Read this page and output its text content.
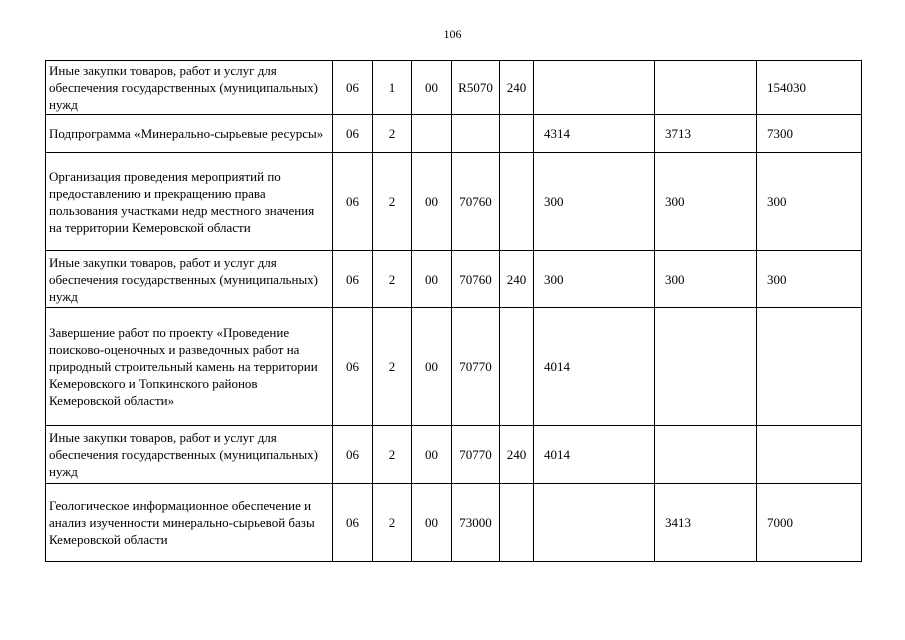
106
Иные закупки товаров, работ и услуг для обеспечения государственных (муниципальных) нужд	06	1	00	R5070	240			154030
Подпрограмма «Минерально-сырьевые ресурсы»	06	2				4314	3713	7300
Организация проведения мероприятий по предоставлению и прекращению права пользования участками недр местного значения на территории Кемеровской области	06	2	00	70760		300	300	300
Иные закупки товаров, работ и услуг для обеспечения государственных (муниципальных) нужд	06	2	00	70760	240	300	300	300
Завершение работ по проекту «Проведение поисково-оценочных и разведочных работ на природный строительный камень на территории Кемеровского и Топкинского районов Кемеровской области»	06	2	00	70770		4014		
Иные закупки товаров, работ и услуг для обеспечения государственных (муниципальных) нужд	06	2	00	70770	240	4014		
Геологическое информационное обеспечение и анализ изученности минерально-сырьевой базы Кемеровской области	06	2	00	73000			3413	7000
